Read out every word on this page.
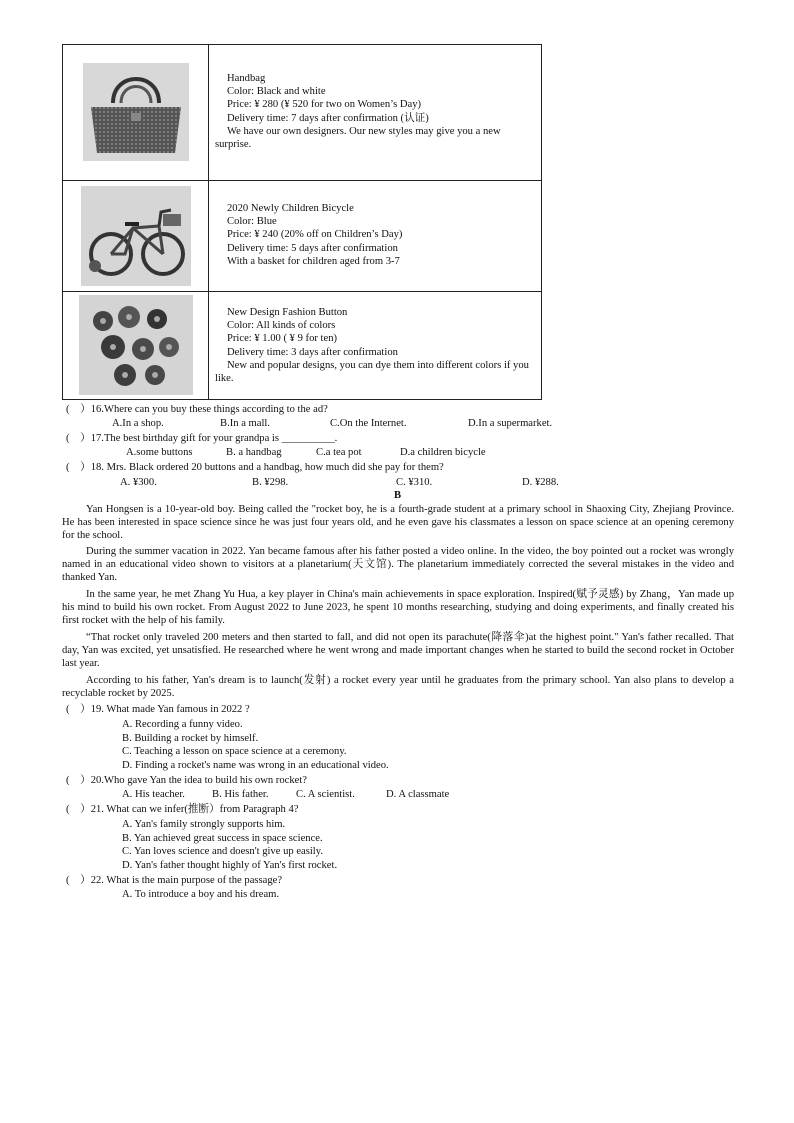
Handbag
Color: Black and white
Price: ¥ 280 (¥ 520 for two on Women’s Day)
Delivery time: 7 days after confirmation (认证)
We have our own designers. Our new styles may give you a new surprise.

2020 Newly Children Bicycle
Color: Blue
Price: ¥ 240 (20% off on Children’s Day)
Delivery time: 5 days after confirmation
With a basket for children aged from 3-7

New Design Fashion Button
Color: All kinds of colors
Price: ¥ 1.00 ( ¥ 9 for ten)
Delivery time: 3 days after confirmation
New and popular designs, you can dye them into different colors if you like.
(　）16.Where can you buy these things according to the ad?
A.In a shop.	B.In a mall.	C.On the Internet.	D.In a supermarket.
(　）17.The best birthday gift for your grandpa is __________.
A.some buttons	B. a handbag	C.a tea pot	D.a children bicycle
(　）18. Mrs. Black ordered 20 buttons and a handbag, how much did she pay for them?
A. ¥300.	B. ¥298.	C. ¥310.	D. ¥288.
B
Yan Hongsen is a 10-year-old boy. Being called the "rocket boy, he is a fourth-grade student at a primary school in Shaoxing City, Zhejiang Province. He has been interested in space science since he was just four years old, and he even gave his classmates a lesson on space science at an opening ceremony for the school.
During the summer vacation in 2022. Yan became famous after his father posted a video online. In the video, the boy pointed out a rocket was wrongly named in an educational video shown to visitors at a planetarium(天文馆). The planetarium immediately corrected the several mistakes in the video and thanked Yan.
In the same year, he met Zhang Yu Hua, a key player in China's main achievements in space exploration. Inspired(赋予灵感) by Zhang，Yan made up his mind to build his own rocket. From August 2022 to June 2023, he spent 10 months researching, studying and doing experiments, and finally created his first rocket with the help of his family.
“That rocket only traveled 200 meters and then started to fall, and did not open its parachute(降落伞)at the highest point." Yan's father recalled. That day, Yan was excited, yet unsatisfied. He researched where he went wrong and made important changes when he started to build the second rocket in October last year.
According to his father, Yan's dream is to launch(发射) a rocket every year until he graduates from the primary school. Yan also plans to develop a recyclable rocket by 2025.
(　）19. What made Yan famous in 2022 ?
A. Recording a funny video.
B. Building a rocket by himself.
C. Teaching a lesson on space science at a ceremony.
D. Finding a rocket's name was wrong in an educational video.
(　）20.Who gave Yan the idea to build his own rocket?
A. His teacher.	B. His father.	C. A scientist.	D. A classmate
(　）21. What can we infer(推断）from Paragraph 4?
A. Yan's family strongly supports him.
B. Yan achieved great success in space science.
C. Yan loves science and doesn't give up easily.
D. Yan's father thought highly of Yan's first rocket.
(　）22. What is the main purpose of the passage?
A. To introduce a boy and his dream.
